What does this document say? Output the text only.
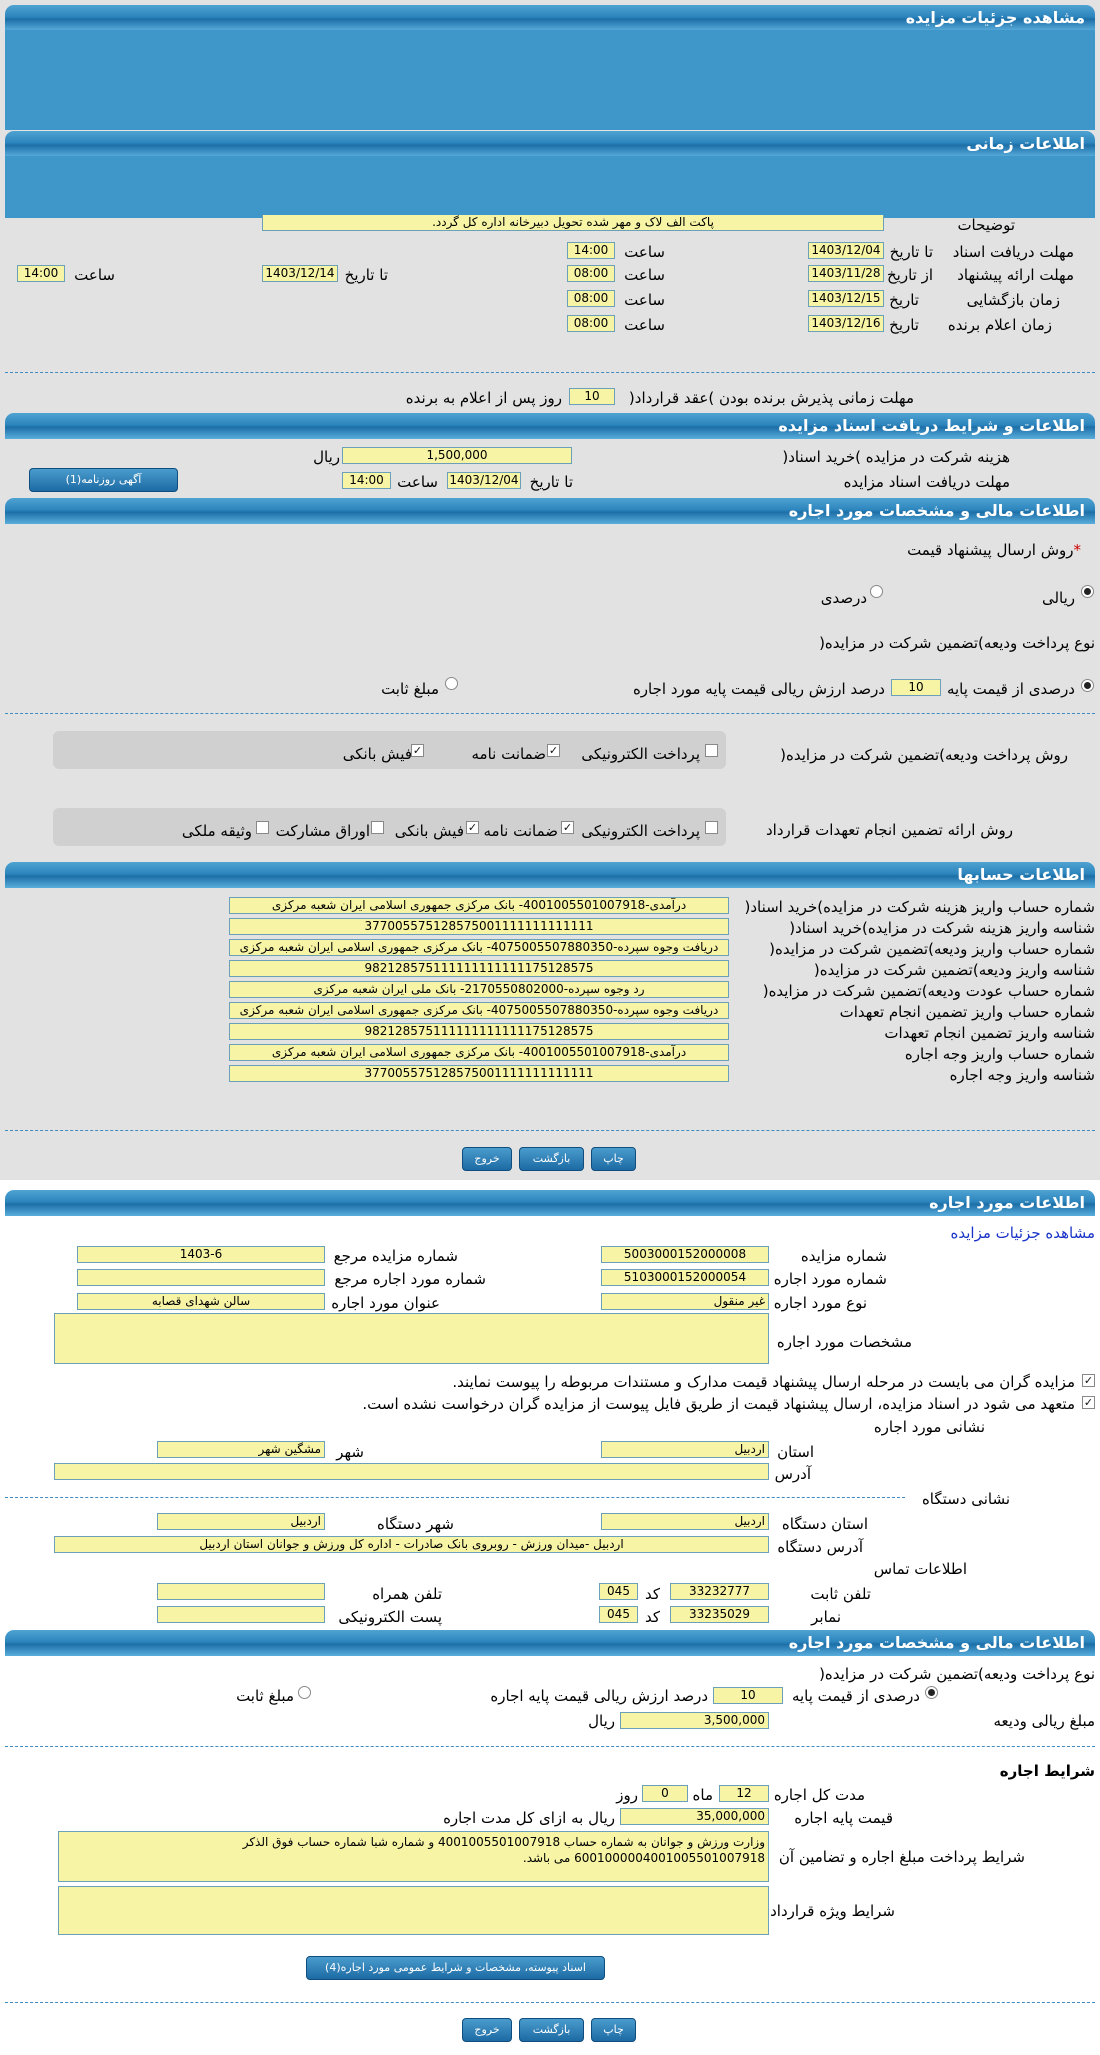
مشاهده جزئيات مزايده
اطلاعات زمانی
توضيحات
پاکت الف لاک و مهر شده تحويل دبيرخانه اداره کل گردد.
مهلت دريافت اسناد
تا تاريخ
1403/12/04
ساعت
14:00
مهلت ارائه پيشنهاد
از تاريخ
1403/11/28
ساعت
08:00
تا تاريخ
1403/12/14
ساعت
14:00
زمان بازگشايی
تاريخ
1403/12/15
ساعت
08:00
زمان اعلام برنده
تاريخ
1403/12/16
ساعت
08:00
مهلت زمانی پذيرش برنده بودن )عقد قرارداد(
10
روز پس از اعلام به برنده
اطلاعات و شرايط دريافت اسناد مزايده
هزينه شرکت در مزايده )خريد اسناد(
1,500,000
ريال
مهلت دريافت اسناد مزايده
تا تاريخ
1403/12/04
ساعت
14:00
آگهی روزنامه(1)
اطلاعات مالی و مشخصات مورد اجاره
*روش ارسال پيشنهاد قيمت
ريالی
درصدی
نوع پرداخت وديعه)تضمين شرکت در مزايده(
درصدی از قيمت پايه
10
درصد ارزش ريالی قيمت پايه مورد اجاره
مبلغ ثابت
روش پرداخت وديعه)تضمين شرکت در مزايده(
پرداخت الکترونيکی
✓
ضمانت نامه
✓
فيش بانکی
روش ارائه تضمين انجام تعهدات قرارداد
پرداخت الکترونيکی
✓
ضمانت نامه
✓
فيش بانکی
اوراق مشارکت
وثيقه ملکی
اطلاعات حسابها
شماره حساب واريز هزينه شرکت در مزايده)خريد اسناد(
درآمدی-4001005501007918- بانک مرکزی جمهوری اسلامی ايران شعبه مرکزی
شناسه واريز هزينه شرکت در مزايده)خريد اسناد(
377005575128575001111111111111
شماره حساب واريز وديعه)تضمين شرکت در مزايده(
دريافت وجوه سپرده-4075005507880350- بانک مرکزی جمهوری اسلامی ايران شعبه مرکزی
شناسه واريز وديعه)تضمين شرکت در مزايده(
982128575111111111111175128575
شماره حساب عودت وديعه)تضمين شرکت در مزايده(
رد وجوه سپرده-2170550802000- بانک ملی ايران شعبه مرکزی
شماره حساب واريز تضمين انجام تعهدات
دريافت وجوه سپرده-4075005507880350- بانک مرکزی جمهوری اسلامی ايران شعبه مرکزی
شناسه واريز تضمين انجام تعهدات
982128575111111111111175128575
شماره حساب واريز وجه اجاره
درآمدی-4001005501007918- بانک مرکزی جمهوری اسلامی ايران شعبه مرکزی
شناسه واريز وجه اجاره
377005575128575001111111111111
چاپ
بازگشت
خروج
اطلاعات مورد اجاره
مشاهده جزئيات مزايده
شماره مزايده
5003000152000008
شماره مزايده مرجع
1403-6
شماره مورد اجاره
5103000152000054
شماره مورد اجاره مرجع
نوع مورد اجاره
غير منقول
عنوان مورد اجاره
سالن شهدای قصابه
مشخصات مورد اجاره
✓
مزايده گران می بايست در مرحله ارسال پيشنهاد قيمت مدارک و مستندات مربوطه را پيوست نمايند.
✓
متعهد می شود در اسناد مزايده، ارسال پيشنهاد قيمت از طريق فايل پيوست از مزايده گران درخواست نشده است.
نشانی مورد اجاره
استان
اردبيل
شهر
مشگين شهر
آدرس
نشانی دستگاه
استان دستگاه
اردبيل
شهر دستگاه
اردبيل
آدرس دستگاه
اردبيل -ميدان ورزش - روبروی بانک صادرات - اداره کل ورزش و جوانان استان اردبيل
اطلاعات تماس
تلفن ثابت
33232777
کد
045
تلفن همراه
نمابر
33235029
کد
045
پست الکترونيکی
اطلاعات مالی و مشخصات مورد اجاره
نوع پرداخت وديعه)تضمين شرکت در مزايده(
درصدی از قيمت پايه
10
درصد ارزش ريالی قيمت پايه اجاره
مبلغ ثابت
مبلغ ريالی وديعه
3,500,000
ريال
شرايط اجاره
مدت کل اجاره
12
ماه
0
روز
قيمت پايه اجاره
35,000,000
ريال به ازای کل مدت اجاره
شرايط پرداخت مبلغ اجاره و تضامين آن
وزارت ورزش و جوانان به شماره حساب 4001005501007918 و شماره شبا شماره حساب فوق الذکر 6001000004001005501007918 می باشد.
شرايط ويژه قرارداد
اسناد پيوسته، مشخصات و شرايط عمومی مورد اجاره(4)
چاپ
بازگشت
خروج
